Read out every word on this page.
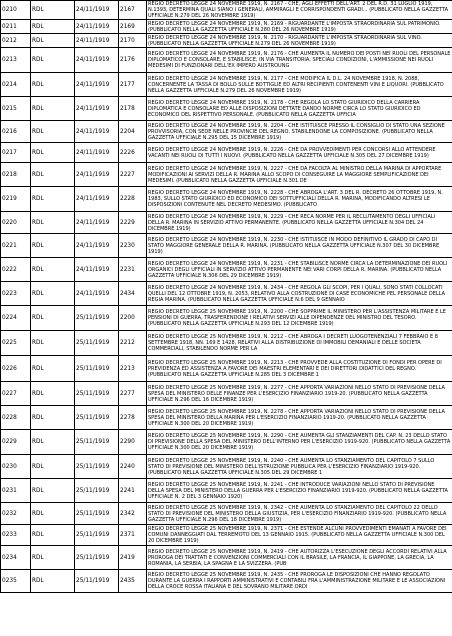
0210	RDL	24/11/1919	2167	REGIO DECRETO LEGGE 24 NOVEMBRE 1919, N. 2167 - CHE, AGLI EFFETTI DELL'ART. 2 DEL R.D. 31 LUGLIO 1919, N.1393, DETERMINA QUALI SIANO I GENERALI, AMMIRAGLI E CORRISPONDENTI GRADI... (PUBBLICATO NELLA GAZZETTA UFFICIALE N.279 DEL 26 NOVEMBRE 1919)

0211	RDL	24/11/1919	2169	REGIO DECRETO LEGGE 24 NOVEMBRE 1919, N. 2169 - RIGUARDANTE L'IMPOSTA STRAORDINARIA SUL PATRIMONIO. (PUBBLICATO NELLA GAZZETTA UFFICIALE N.280 DEL 26 NOVEMBRE 1919)

0212	RDL	24/11/1919	2170	REGIO DECRETO LEGGE 24 NOVEMBRE 1919, N. 2170 - RIGUARDANTE L'IMPOSTA STRAORDINARIA SUL VINO. (PUBBLICATO NELLA GAZZETTA UFFICIALE N.279 DEL 26 NOVEMBRE 1919)

0213	RDL	24/11/1919	2176	REGIO DECRETO LEGGE 24 NOVEMBRE 1919, N. 2176 - CHE AUMENTA IL NUMERO DEI POSTI NEI RUOLI DEL PERSONALE DIPLOMATICO E CONSOLARE, E STABILISCE, IN VIA TRANSITORIA, SPECIALI CONDIZIONI, L'AMMISSIONE NEI RUOLI MEDESIMI DI FUNZIONARI DELL'EX IMPERO AUSTROUNG

0214	RDL	24/11/1919	2177	REGIO DECRETO LEGGE 24 NOVEMBRE 1919, N. 2177 - CHE MODIFICA IL D.L. 24 NOVEMBRE 1918, N. 2088, CONCERNENTE LA TASSA DI BOLLO SULLE BOTTIGLIE ED ALTRI RECIPIENTI CONTENENTI VINI E LIQUORI. (PUBBLICATO NELLA GAZZETTA UFFICIALE N.279 DEL 26 NOVEMBRE 1919)

0215	RDL	24/11/1919	2178	REGIO DECRETO LEGGE 24 NOVEMBRE 1919, N. 2178 - CHE REGOLA LO STATO GIURIDICO DELLA CARRIERA DIPLOMATICA E CONSOLARE ED ALLE DISPOSIZIONI DETTATE DANDO NORME CIRCA LO STATO GIURIDICO ED ECONOMICO DEL RISPETTIVO PERSONALE. (PUBBLICATO NELLA GAZZETTA UFFICIA

0216	RDL	24/11/1919	2204	REGIO DECRETO LEGGE 24 NOVEMBRE 1919, N. 2204 - CHE ISTITUISCE PRESSO IL CONSIGLIO DI STATO UNA SEZIONE PROVVISORIA, CON SEDE NELLE PROVINCIE DEL REGNO, STABILENDONE LA COMPOSIZIONE. (PUBBLICATO NELLA GAZZETTA UFFICIALE N.295 DEL 15 DICEMBRE 1919)

0217	RDL	24/11/1919	2226	REGIO DECRETO LEGGE 24 NOVEMBRE 1919, N. 2226 - CHE DA PROVVEDIMENTI PER CONCORSI ALLO ATTENDERE VACANTI NEI RUOLI DI TUTTI I NUOVI. (PUBBLICATO NELLA GAZZETTA UFFICIALE N.305 DEL 27 DICEMBRE 1919)

0218	RDL	24/11/1919	2227	REGIO DECRETO LEGGE 24 NOVEMBRE 1919, N. 2227 - CHE DA FACOLTA AL MINISTRO DELLA MARINA DI APPORTARE MODIFICAZIONI AI SERVIZI DELLA R. MARINA ALLO SCOPO DI CONSEGUIRE LA MAGGIORE SEMPLIFICAZIONE DEI MEDESIMI. (PUBBLICATO NELLA GAZZETTA UFFICIALE N.301 DE

0219	RDL	24/11/1919	2228	REGIO DECRETO LEGGE 24 NOVEMBRE 1919, N. 2228 - CHE ABROGA L'ART. 3 DEL R. DECRETO 26 OTTOBRE 1919, N. 1983, SULLO STATO GIURIDICO ED ECONOMICO DEI SOTTUFFICIALI DELLA R. MARINA, MODIFICANDO ALTRESI LE DISPOSIZIONI CONTENUTE NEL DECRETO MEDESIMO. (PUBBLICATO

0220	RDL	24/11/1919	2229	REGIO DECRETO LEGGE 24 NOVEMBRE 1919, N. 2229 - CHE RECA NORME PER IL RECLUTAMENTO DEGLI UFFICIALI DELLA R. MARINA IN SERVIZIO ATTIVO PERMANENTE. (PUBBLICATO NELLA GAZZETTA UFFICIALE N.304 DEL 24 DICEMBRE 1919)

0221	RDL	24/11/1919	2230	REGIO DECRETO LEGGE 24 NOVEMBRE 1919, N. 2230 - CHE ISTITUISCE IN MODO DEFINITIVO IL GRADO DI CAPO DI STATO MAGGIORE GENERALE DELLA R. MARINA. (PUBBLICATO NELLA GAZZETTA UFFICIALE N.307 DEL 30 DICEMBRE 1919)

0222	RDL	24/11/1919	2231	REGIO DECRETO LEGGE 24 NOVEMBRE 1919, N. 2231 - CHE STABILISCE NORME CIRCA LA DETERMINAZIONE DEI RUOLI ORGANICI DEGLI UFFICIALI IN SERVIZIO ATTIVO PERMANENTE NEI VARI CORPI DELLA R. MARINA. (PUBBLICATO NELLA GAZZETTA UFFICIALE N.306 DEL 29 DICEMBRE 1919)

0223	RDL	24/11/1919	2434	REGIO DECRETO LEGGE 24 NOVEMBRE 1919, N. 2434 - CHE REGOLA GLI SCOPI, PER I QUALI, SONO STATI COLLOCATI QUELLI DEL 12 OTTOBRE 1919, N. 2053, RELATIVO ALLA COSTRUZIONE DI CASE ECONOMICHE PEL PERSONALE DELLA REGIA MARINA. (PUBBLICATO NELLA GAZZETTA UFFICIALE N.6 DEL 9 GENNAIO

0224	RDL	25/11/1919	2200	REGIO DECRETO LEGGE 25 NOVEMBRE 1919, N. 2200 - CHE SOPPRIME IL MINISTERO PER L'ASSISTENZA MILITARE E LE PENSIONI DI GUERRA, TRASFERENDONE I RELATIVI SERVIZI ALLE DIPENDENZE DEL MINISTRO DEL TESORO. (PUBBLICATO NELLA GAZZETTA UFFICIALE N.293 DEL 12 DICEMBRE 1919)

0225	RDL	25/11/1919	2212	REGIO DECRETO LEGGE 25 NOVEMBRE 1919, N. 2212 - CHE ABROGA I DECRETI LUOGOTENENZIALI 7 FEBBRAIO E 8 SETTEMBRE 1918, NN. 169 E 1428, RELATIVI ALLA DISTRIBUZIONE DI IMMOBILI DEMANIALI E DELLE SOCIETA COMMERCIALI, STABILENDO NORME PER LA

0226	RDL	25/11/1919	2213	REGIO DECRETO LEGGE 25 NOVEMBRE 1919, N. 2213 - CHE PROVVEDE ALLA COSTITUZIONE DI FONDI PER OPERE DI PREVIDENZA ED ASSISTENZA A FAVORE DEI MAESTRI ELEMENTARI E DEI DIRETTORI DIDATTICI DEL REGNO. (PUBBLICATO NELLA GAZZETTA UFFICIALE N.285 DEL 3 DICEMBRE 1

0227	RDL	25/11/1919	2277	REGIO DECRETO LEGGE 25 NOVEMBRE 1919, N. 2277 - CHE APPORTA VARIAZIONI NELLO STATO DI PREVISIONE DELLA SPESA DEL MINISTERO DELLE FINANZE PER L'ESERCIZIO FINANZIARIO 1919-20. (PUBBLICATO NELLA GAZZETTA UFFICIALE N.296 DEL 16 DICEMBRE 1919)

0228	RDL	25/11/1919	2278	REGIO DECRETO LEGGE 25 NOVEMBRE 1919, N. 2278 - CHE APPORTA VARIAZIONI NELLO STATO DI PREVISIONE DELLA SPESA DEL MINISTERO DELLA MARINA PER L'ESERCIZIO FINANZIARIO 1919-20. (PUBBLICATO NELLA GAZZETTA UFFICIALE N.300 DEL 20 DICEMBRE 1919)

0229	RDL	25/11/1919	2290	REGIO DECRETO LEGGE 25 NOVEMBRE 1919, N. 2290 - CHE AUMENTA GLI STANZIAMENTI DEL CAP. N. 23 DELLO STATO DI PREVISIONE DELLA SPESA DEL MINISTERO DELL'INTERNO PER L'ESERCIZIO 1919-920. (PUBBLICATO NELLA GAZZETTA UFFICIALE N.300 DEL 20 DICEMBRE 1919)

0230	RDL	25/11/1919	2240	REGIO DECRETO LEGGE 25 NOVEMBRE 1919, N. 2240 - CHE AUMENTA LO STANZIAMENTO DEL CAPITOLO 7 SULLO STATO DI PREVISIONE DEL MINISTERO DELL'ISTRUZIONE PUBBLICA PER L'ESERCIZIO FINANZIARIO 1919-920. (PUBBLICATO NELLA GAZZETTA UFFICIALE N.305 DEL 29 DICEMBRE 1

0231	RDL	25/11/1919	2241	REGIO DECRETO LEGGE 25 NOVEMBRE 1919, N. 2241 - CHE INTRODUCE VARIAZIONI NELLO STATO DI PREVISIONE DELLA SPESA DEL MINISTERO DELLA GUERRA PER L'ESERCIZIO FINANZIARIO 1919-920. (PUBBLICATO NELLA GAZZETTA UFFICIALE N. 2 DEL 3 GENNAIO 1920)

0232	RDL	25/11/1919	2342	REGIO DECRETO LEGGE 25 NOVEMBRE 1919, N. 2342 - CHE AUMENTA LO STANZIAMENTO DEL CAPITOLO 22 DELLO STATO DI PREVISIONE DEL MINISTERO DELLA GIUSTIZIA, PER L'ESERCIZIO FINANZIARIO 1919-920. (PUBBLICATO NELLA GAZZETTA UFFICIALE N.296 DEL 18 DICEMBRE 1919)

0233	RDL	25/11/1919	2371	REGIO DECRETO LEGGE 25 NOVEMBRE 1919, N. 2371 - CHE ESTENDE ALCUNI PROVVEDIMENTI EMANATI A FAVORE DEI COMUNI DANNEGGIATI DAL TERREMOTO DEL 13 GENNAIO 1915. (PUBBLICATO NELLA GAZZETTA UFFICIALE N.300 DEL 20 DICEMBRE 1919)

0234	RDL	25/11/1919	2419	REGIO DECRETO LEGGE 25 NOVEMBRE 1919, N. 2419 - CHE AUTORIZZA L'ESECUZIONE DEGLI ACCORDI RELATIVI ALLA PROROGA DEI TRATTATI E CONVENZIONI COMMERCIALI CON IL BRASILE, LA FRANCIA, IL GIAPPONE, LA GRECIA, LA ROMANIA, LA SERBIA, LA SPAGNA E LA SVIZZERA. (PUB

0235	RDL	25/11/1919	2435	REGIO DECRETO LEGGE 25 NOVEMBRE 1919, N. 2435 - CHE PROROGA LE DISPOSIZIONI CHE HANNO REGOLATO DURANTE LA GUERRA I RAPPORTI AMMINISTRATIVI E CONTABILI FRA L'AMMINISTRAZIONE MILITARE E LE ASSOCIAZIONI DELLA CROCE ROSSA ITALIANA E DEL SOVRANO MILITARE ORDI
